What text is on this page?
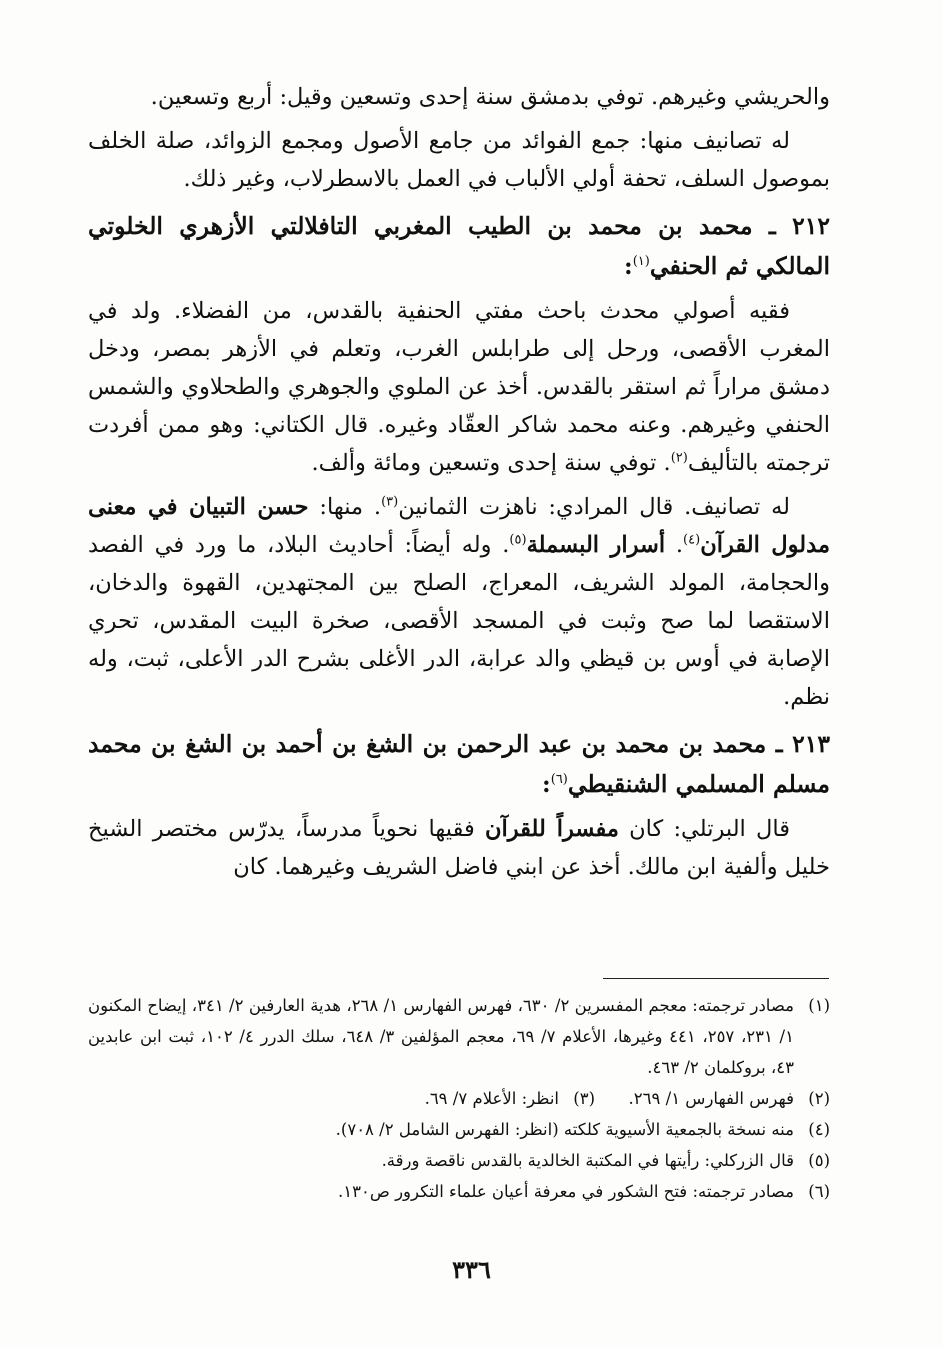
والحريشي وغيرهم. توفي بدمشق سنة إحدى وتسعين وقيل: أربع وتسعين.

له تصانيف منها: جمع الفوائد من جامع الأصول ومجمع الزوائد، صلة الخلف بموصول السلف، تحفة أولي الألباب في العمل بالاسطرلاب، وغير ذلك.

٢١٢ ـ محمد بن محمد بن الطيب المغربي التافلالتي الأزهري الخلوتي المالكي ثم الحنفي$^{(١)}$:

فقيه أصولي محدث باحث مفتي الحنفية بالقدس، من الفضلاء. ولد في المغرب الأقصى، ورحل إلى طرابلس الغرب، وتعلم في الأزهر بمصر، ودخل دمشق مراراً ثم استقر بالقدس. أخذ عن الملوي والجوهري والطحلاوي والشمس الحنفي وغيرهم. وعنه محمد شاكر العقّاد وغيره. قال الكتاني: وهو ممن أفردت ترجمته بالتأليف$^{(٢)}$. توفي سنة إحدى وتسعين ومائة وألف.

له تصانيف. قال المرادي: ناهزت الثمانين$^{(٣)}$. منها: حسن التبيان في معنى مدلول القرآن$^{(٤)}$. أسرار البسملة$^{(٥)}$. وله أيضاً: أحاديث البلاد، ما ورد في الفصد والحجامة، المولد الشريف، المعراج، الصلح بين المجتهدين، القهوة والدخان، الاستقصا لما صح وثبت في المسجد الأقصى، صخرة البيت المقدس، تحري الإصابة في أوس بن قيظي والد عرابة، الدر الأغلى بشرح الدر الأعلى، ثبت، وله نظم.

٢١٣ ـ محمد بن محمد بن عبد الرحمن بن الشغ بن أحمد بن الشغ بن محمد مسلم المسلمي الشنقيطي$^{(٦)}$:

قال البرتلي: كان مفسراً للقرآن فقيها نحوياً مدرساً، يدرّس مختصر الشيخ خليل وألفية ابن مالك. أخذ عن ابني فاضل الشريف وغيرهما. كان

(١)
مصادر ترجمته: معجم المفسرين ٢/ ٦٣٠، فهرس الفهارس ١/ ٢٦٨، هدية العارفين ٢/ ٣٤١، إيضاح المكنون ١/ ٢٣١، ٢٥٧، ٤٤١ وغيرها، الأعلام ٧/ ٦٩، معجم المؤلفين ٣/ ٦٤٨، سلك الدرر ٤/ ١٠٢، ثبت ابن عابدين ٤٣، بروكلمان ٢/ ٤٦٣.
(٢)
فهرس الفهارس ١/ ٢٦٩.
(٣)
انظر: الأعلام ٧/ ٦٩.
(٤)
منه نسخة بالجمعية الأسيوية كلكته (انظر: الفهرس الشامل ٢/ ٧٠٨).
(٥)
قال الزركلي: رأيتها في المكتبة الخالدية بالقدس ناقصة ورقة.
(٦)
مصادر ترجمته: فتح الشكور في معرفة أعيان علماء التكرور ص١٣٠.
٣٣٦
